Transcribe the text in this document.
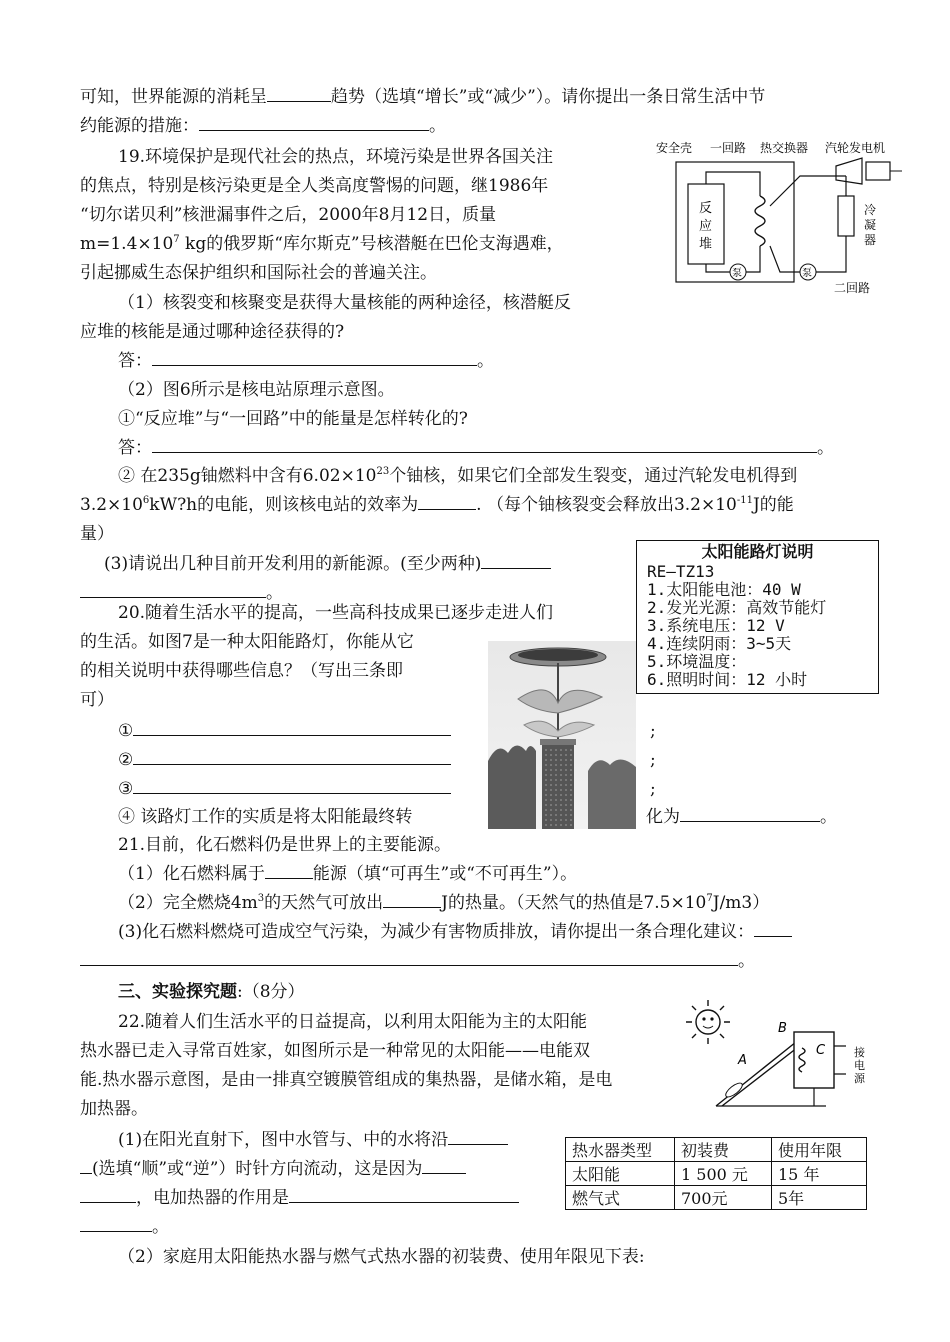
可知，世界能源的消耗呈	趋势（选填“增长”或“减少”）。请你提出一条日常生活中节
约能源的措施：	。
19.环境保护是现代社会的热点，环境污染是世界各国关注
的焦点，特别是核污染更是全人类高度警惕的问题，继1986年
“切尔诺贝利”核泄漏事件之后，2000年8月12日，质量
$m=1.4\times 10^7$ kg的俄罗斯“库尔斯克”号核潜艇在巴伦支海遇难，
引起挪威生态保护组织和国际社会的普遍关注。
（1）核裂变和核聚变是获得大量核能的两种途径，核潜艇反
应堆的核能是通过哪种途径获得的?
答：	。
（2）图6所示是核电站原理示意图。
①“反应堆”与“一回路”中的能量是怎样转化的?
答：	。
② 在235g铀燃料中含有$6.02\times 10^{23}$个铀核，如果它们全部发生裂变，通过汽轮发电机得到
$3.2\times 10^6kW?h$的电能，则该核电站的效率为	. （每个铀核裂变会释放出$3.2\times 10^{-11}J$的能
量）
(3)请说出几种目前开发利用的新能源。(至少两种)
。
安全壳 一回路 热交换器 汽轮发电机
反
应
堆
泵	泵
冷
凝
器
二回路
太阳能路灯说明
RE—TZ13
1.太阳能电池：40 W
2.发光光源：高效节能灯
3.系统电压：12 V
4.连续阴雨：3~5天
5.环境温度：
6.照明时间：12 小时
20.随着生活水平的提高，一些高科技成果已逐步走进人们
的生活。如图7是一种太阳能路灯，你能从它
的相关说明中获得哪些信息？（写出三条即
可）
①
②
③
;
;
;
④ 该路灯工作的实质是将太阳能最终转	化为	。
21.目前，化石燃料仍是世界上的主要能源。
（1）化石燃料属于	能源（填“可再生”或“不可再生”）。
（2）完全燃烧$4m^3$的天然气可放出	J的热量。（天然气的热值是$7.5\times 10^7J/m3$）
(3)化石燃料燃烧可造成空气污染，为减少有害物质排放，请你提出一条合理化建议：
。
三、实验探究题:（8分）
22.随着人们生活水平的日益提高，以利用太阳能为主的太阳能
热水器已走入寻常百姓家，如图所示是一种常见的太阳能——电能双
能.热水器示意图，是由一排真空镀膜管组成的集热器，是储水箱，是电
加热器。
(1)在阳光直射下，图中水管与、中的水将沿
(选填“顺”或“逆”）时针方向流动，这是因为
，电加热器的作用是
。
（2）家庭用太阳能热水器与燃气式热水器的初装费、使用年限见下表:
A
B
C	接
电
源
热水器类型	初装费	使用年限
太阳能	1 500 元	15 年
燃气式	700元	5年
